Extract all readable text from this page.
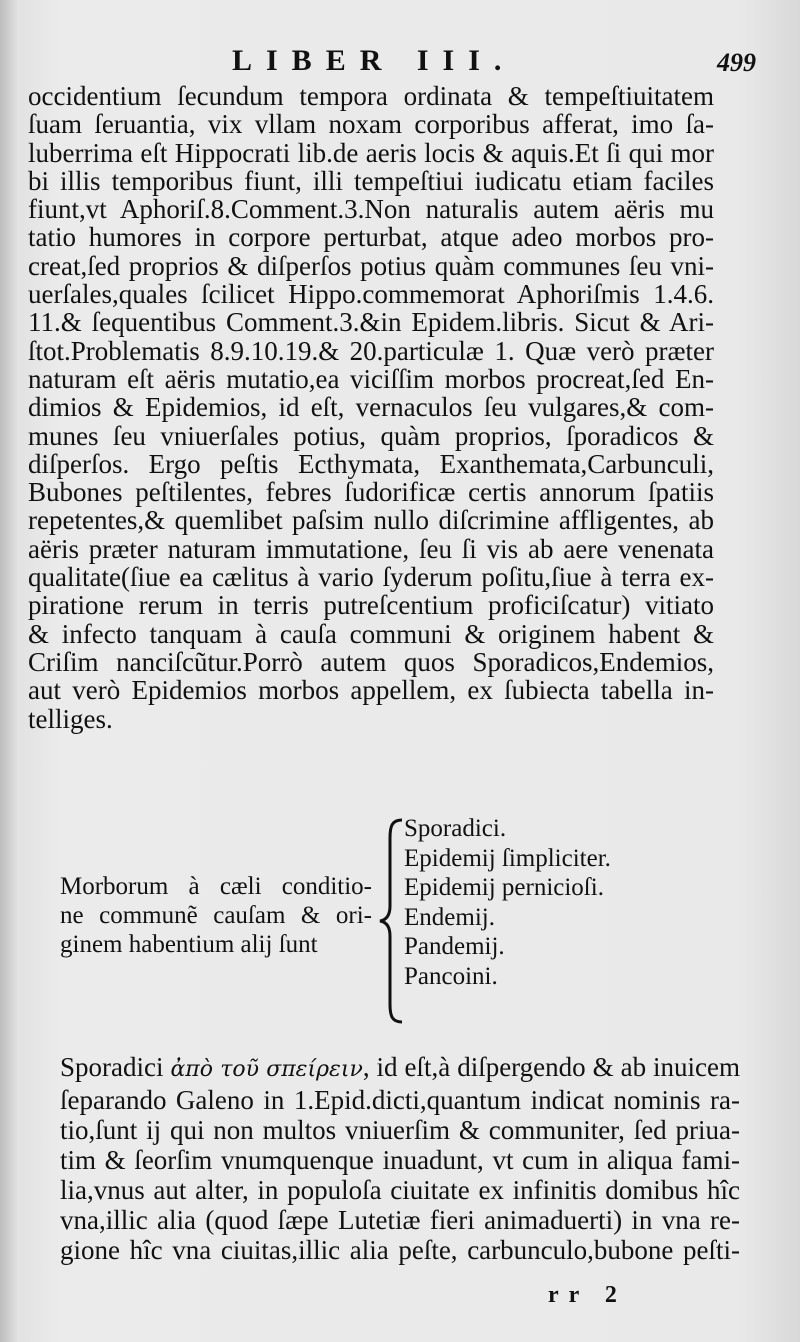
LIBER III.	499
occidentium ſecundum tempora ordinata & tempeſtiuitatem
ſuam ſeruantia, vix vllam noxam corporibus afferat, imo ſa-
luberrima eſt Hippocrati lib.de aeris locis & aquis.Et ſi qui mor
bi illis temporibus fiunt, illi tempeſtiui iudicatu etiam faciles
fiunt,vt Aphoriſ.8.Comment.3.Non naturalis autem aëris mu
tatio humores in corpore perturbat, atque adeo morbos pro-
creat,ſed proprios & diſperſos potius quàm communes ſeu vni-
uerſales,quales ſcilicet Hippo.commemorat Aphoriſmis 1.4.6.
11.& ſequentibus Comment.3.&in Epidem.libris. Sicut & Ari-
ſtot.Problematis 8.9.10.19.& 20.particulæ 1. Quæ verò præter
naturam eſt aëris mutatio,ea viciſſim morbos procreat,ſed En-
dimios & Epidemios, id eſt, vernaculos ſeu vulgares,& com-
munes ſeu vniuerſales potius, quàm proprios, ſporadicos &
diſperſos. Ergo peſtis Ecthymata, Exanthemata,Carbunculi,
Bubones peſtilentes, febres ſudorificæ certis annorum ſpatiis
repetentes,& quemlibet paſsim nullo diſcrimine affligentes, ab
aëris præter naturam immutatione, ſeu ſi vis ab aere venenata
qualitate(ſiue ea cælitus à vario ſyderum poſitu,ſiue à terra ex-
piratione rerum in terris putreſcentium proficiſcatur) vitiato
& infecto tanquam à cauſa communi & originem habent &
Criſim nanciſcũtur.Porrò autem quos Sporadicos,Endemios,
aut verò Epidemios morbos appellem, ex ſubiecta tabella in-
telliges.
Morborum à cæli conditio-
ne communẽ cauſam & ori-
ginem habentium alij ſunt
Sporadici.
Epidemij ſimpliciter.
Epidemij pernicioſi.
Endemij.
Pandemij.
Pancoini.
Sporadici ἀπὸ τοῦ σπείρειν, id eſt,à diſpergendo & ab inuicem
ſeparando Galeno in 1.Epid.dicti,quantum indicat nominis ra-
tio,ſunt ij qui non multos vniuerſim & communiter, ſed priua-
tim & ſeorſim vnumquenque inuadunt, vt cum in aliqua fami-
lia,vnus aut alter, in populoſa ciuitate ex infinitis domibus hîc
vna,illic alia (quod ſæpe Lutetiæ fieri animaduerti) in vna re-
gione hîc vna ciuitas,illic alia peſte, carbunculo,bubone peſti-
rr 2
